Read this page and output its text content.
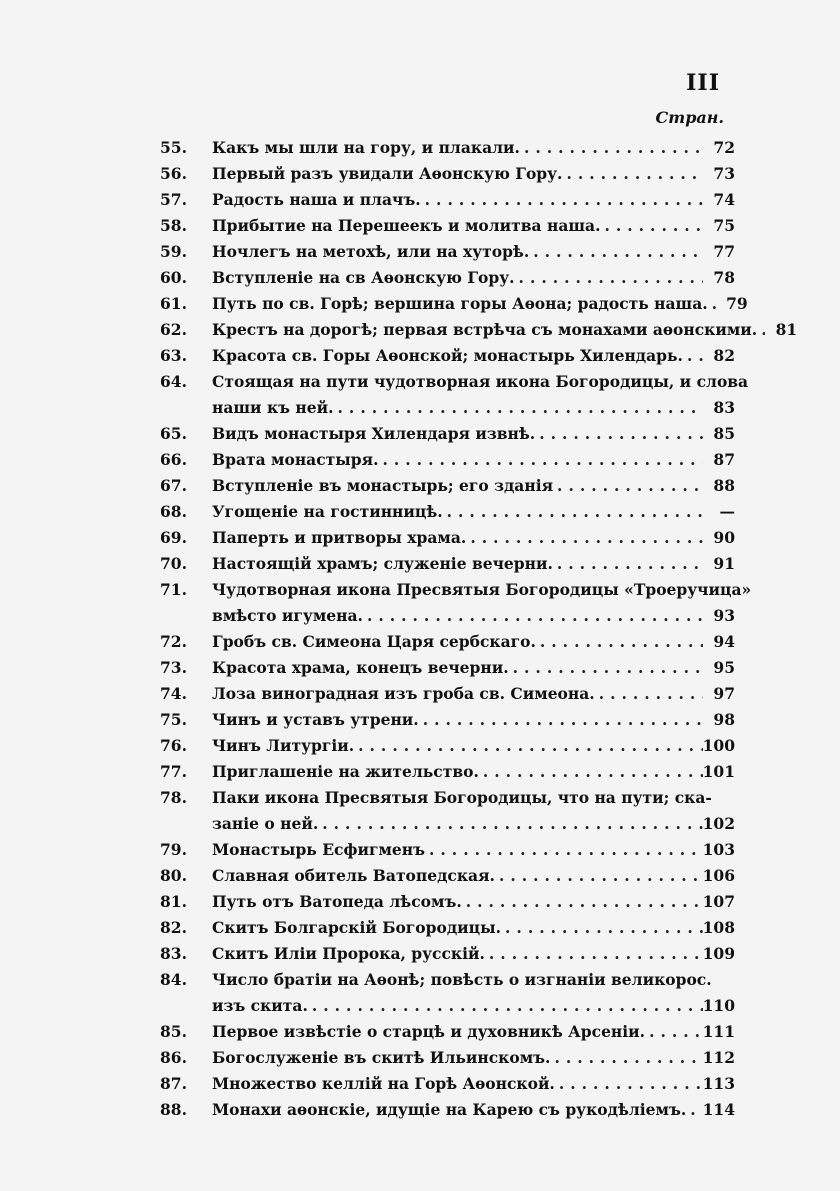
III
Стран.
55.	Какъ мы шли на гору, и плакали. .....	72
56.	Первый разъ увидали Аѳонскую Гору. .....	73
57.	Радость наша и плачъ. .....	74
58.	Прибытие на Перешеекъ и молитва наша. .....	75
59.	Ночлегъ на метохѣ, или на хуторѣ. .....	77
60.	Вступленіе на св Аѳонскую Гору. .....	78
61.	Путь по св. Горѣ; вершина горы Аѳона; радость наша. .....	79
62.	Крестъ на дорогѣ; первая встрѣча съ монахами аѳонскими. .....	81
63.	Красота св. Горы Аѳонской; монастырь Хилендарь. .....	82
64.	Стоящая на пути чудотворная икона Богородицы, и слова
наши къ ней. .....	83
65.	Видъ монастыря Хилендаря извнѣ. .....	85
66.	Врата монастыря. .....	87
67.	Вступленіе въ монастырь; его зданія .....	88
68.	Угощеніе на гостинницѣ. .....	—
69.	Паперть и притворы храма. .....	90
70.	Настоящій храмъ; служеніе вечерни. .....	91
71.	Чудотворная икона Пресвятыя Богородицы «Троеручица»
вмѣсто игумена. .....	93
72.	Гробъ св. Симеона Царя сербскаго. .....	94
73.	Красота храма, конецъ вечерни. .....	95
74.	Лоза виноградная изъ гроба св. Симеона. .....	97
75.	Чинъ и уставъ утрени. .....	98
76.	Чинъ Литургіи. .....	100
77.	Приглашеніе на жительство. .....	101
78.	Паки икона Пресвятыя Богородицы, что на пути; ска-
заніе о ней. .....	102
79.	Монастырь Есфигменъ .....	103
80.	Славная обитель Ватопедская. .....	106
81.	Путь отъ Ватопеда лѣсомъ. .....	107
82.	Скитъ Болгарскій Богородицы. .....	108
83.	Скитъ Иліи Пророка, русскій. .....	109
84.	Число братіи на Аѳонѣ; повѣсть о изгнаніи великорос.
изъ скита. .....	110
85.	Первое извѣстіе о старцѣ и духовникѣ Арсеніи. .....	111
86.	Богослуженіе въ скитѣ Ильинскомъ. .....	112
87.	Множество келлій на Горѣ Аѳонской. .....	113
88.	Монахи аѳонскіе, идущіе на Карею съ рукодѣліемъ. ..... 114
